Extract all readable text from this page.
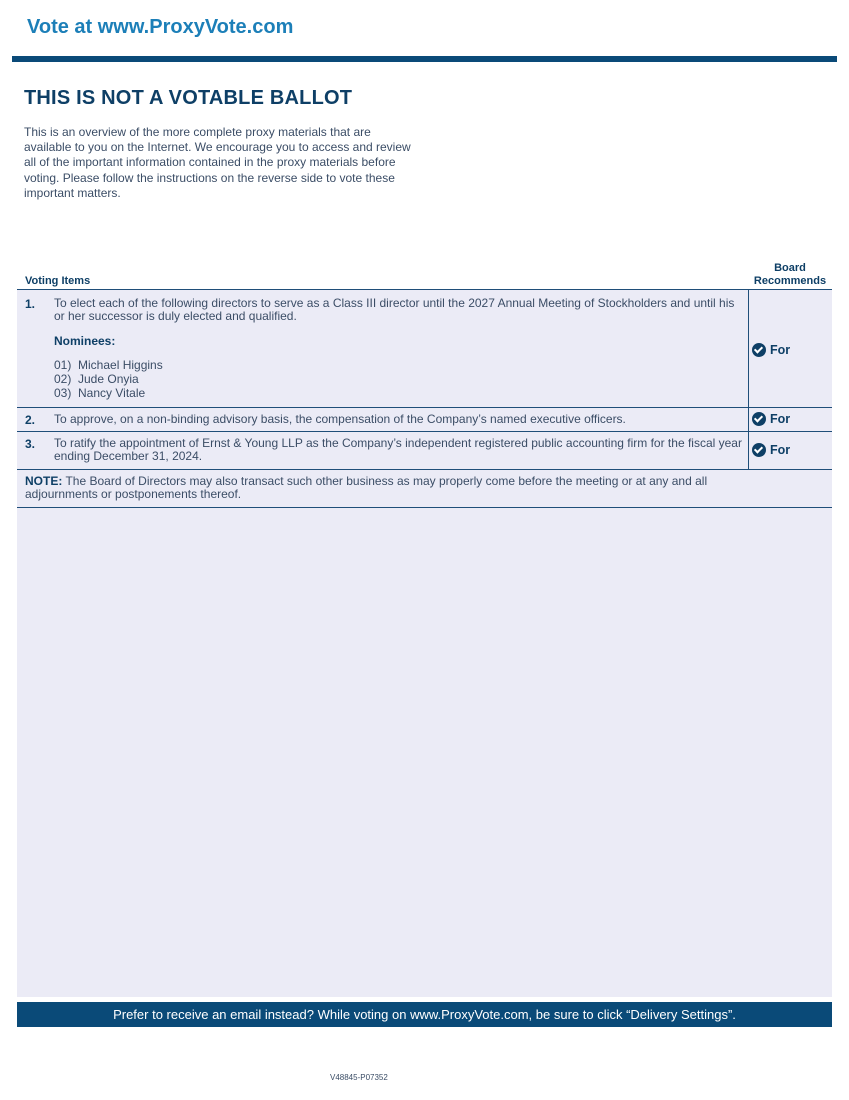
Vote at www.ProxyVote.com
THIS IS NOT A VOTABLE BALLOT
This is an overview of the more complete proxy materials that are available to you on the Internet. We encourage you to access and review all of the important information contained in the proxy materials before voting. Please follow the instructions on the reverse side to vote these important matters.
Voting Items
Board
Recommends
1. To elect each of the following directors to serve as a Class III director until the 2027 Annual Meeting of Stockholders and until his or her successor is duly elected and qualified.
Nominees:
01)  Michael Higgins
02)  Jude Onyia
03)  Nancy Vitale
For
2. To approve, on a non-binding advisory basis, the compensation of the Company’s named executive officers.	For
3. To ratify the appointment of Ernst & Young LLP as the Company’s independent registered public accounting firm for the fiscal year ending December 31, 2024.	For
NOTE: The Board of Directors may also transact such other business as may properly come before the meeting or at any and all adjournments or postponements thereof.
Prefer to receive an email instead? While voting on www.ProxyVote.com, be sure to click “Delivery Settings”.
V48845-P07352
